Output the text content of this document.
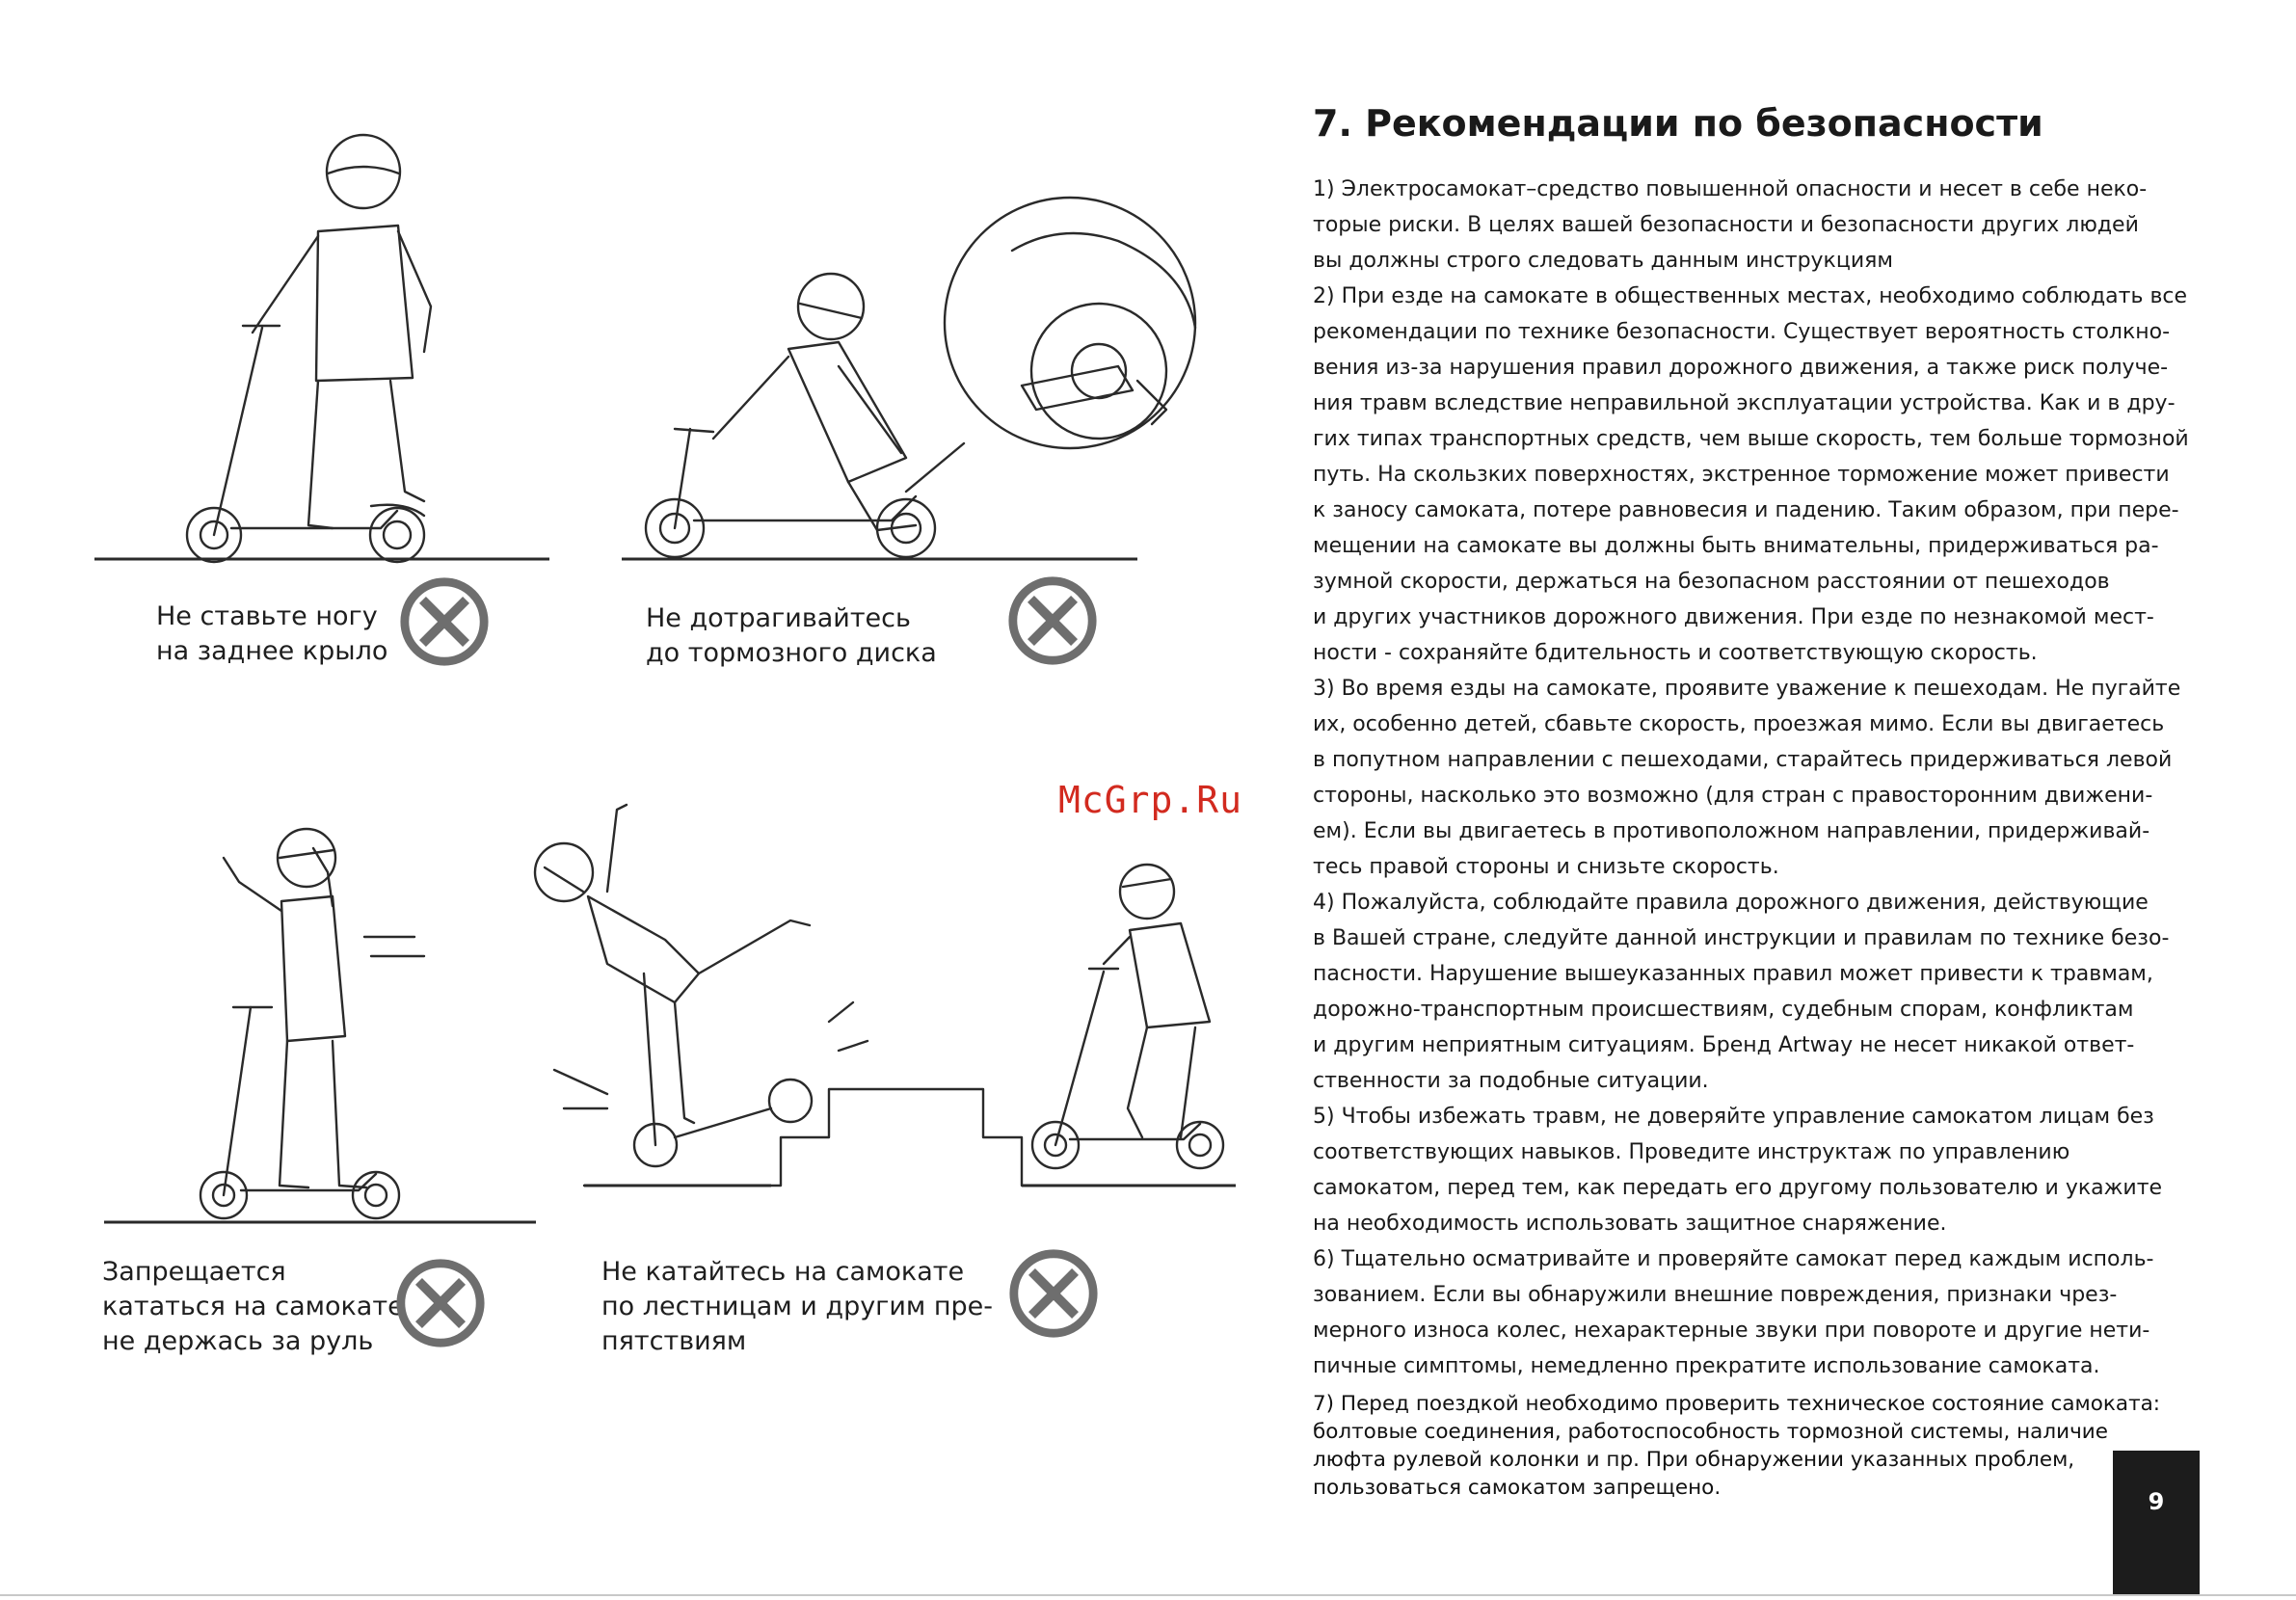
Не ставьте ногу
на заднее крыло
Не дотрагивайтесь
до тормозного диска
Запрещается
кататься на самокате
не держась за руль
Не катайтесь на самокате
по лестницам и другим пре-
пятствиям
McGrp.Ru
7. Рекомендации по безопасности
1) Электросамокат–средство повышенной опасности и несет в себе неко-
торые риски. В целях вашей безопасности и безопасности других людей
вы должны строго следовать данным инструкциям
2) При езде на самокате в общественных местах, необходимо соблюдать все
рекомендации по технике безопасности. Существует вероятность столкно-
вения из-за нарушения правил дорожного движения, а также риск получе-
ния травм вследствие неправильной эксплуатации устройства. Как и в дру-
гих типах транспортных средств, чем выше скорость, тем больше тормозной
путь. На скользких поверхностях, экстренное торможение может привести
к заносу самоката, потере равновесия и падению. Таким образом, при пере-
мещении на самокате вы должны быть внимательны, придерживаться ра-
зумной скорости, держаться на безопасном расстоянии от пешеходов
и других участников дорожного движения. При езде по незнакомой мест-
ности - сохраняйте бдительность и соответствующую скорость.
3) Во время езды на самокате, проявите уважение к пешеходам. Не пугайте
их, особенно детей, сбавьте скорость, проезжая мимо. Если вы двигаетесь
в попутном направлении с пешеходами, старайтесь придерживаться левой
стороны, насколько это возможно (для стран с правосторонним движени-
ем). Если вы двигаетесь в противоположном направлении, придерживай-
тесь правой стороны и снизьте скорость.
4) Пожалуйста, соблюдайте правила дорожного движения, действующие
в Вашей стране, следуйте данной инструкции и правилам по технике безо-
пасности. Нарушение вышеуказанных правил может привести к травмам,
дорожно-транспортным происшествиям, судебным спорам, конфликтам
и другим неприятным ситуациям. Бренд Artway не несет никакой ответ-
ственности за подобные ситуации.
5) Чтобы избежать травм, не доверяйте управление самокатом лицам без
соответствующих навыков. Проведите инструктаж по управлению
самокатом, перед тем, как передать его другому пользователю и укажите
на необходимость использовать защитное снаряжение.
6) Тщательно осматривайте и проверяйте самокат перед каждым исполь-
зованием. Если вы обнаружили внешние повреждения, признаки чрез-
мерного износа колес, нехарактерные звуки при повороте и другие нети-
пичные симптомы, немедленно прекратите использование самоката.
7) Перед поездкой необходимо проверить техническое состояние самоката:
болтовые соединения, работоспособность тормозной системы, наличие
люфта рулевой колонки и пр. При обнаружении указанных проблем,
пользоваться самокатом запрещено.
9
